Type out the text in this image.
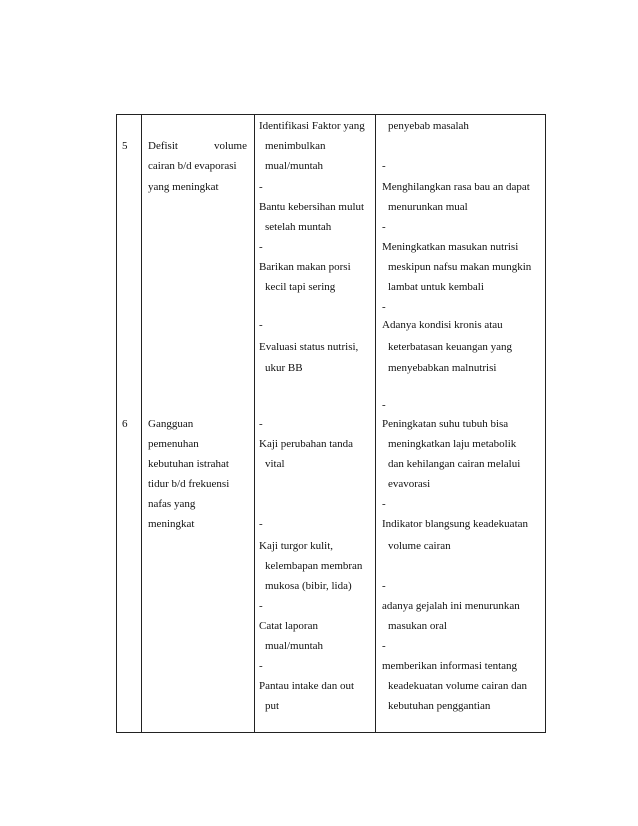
5 Defisit	volume
cairan b/d evaporasi
yang meningkat
Identifikasi Faktor yang
menimbulkan
mual/muntah
-
Bantu kebersihan mulut
setelah muntah
-
Barikan makan porsi
kecil tapi sering
-
Evaluasi status nutrisi,
ukur BB
penyebab masalah
-
Menghilangkan rasa bau an dapat
menurunkan mual
-
Meningkatkan masukan nutrisi
meskipun nafsu makan mungkin
lambat untuk kembali
-
Adanya kondisi kronis atau
keterbatasan keuangan yang
menyebabkan malnutrisi
-
6 Gangguan
pemenuhan
kebutuhan istrahat
tidur b/d frekuensi
nafas yang
meningkat
-
Kaji perubahan tanda
vital
-
Kaji turgor kulit,
kelembapan membran
mukosa (bibir, lida)
-
Catat laporan
mual/muntah
-
Pantau intake dan out
put
Peningkatan suhu tubuh bisa
meningkatkan laju metabolik
dan kehilangan cairan melalui
evavorasi
-
Indikator blangsung keadekuatan
volume cairan
-
adanya gejalah ini menurunkan
masukan oral
-
memberikan informasi tentang
keadekuatan volume cairan dan
kebutuhan penggantian
